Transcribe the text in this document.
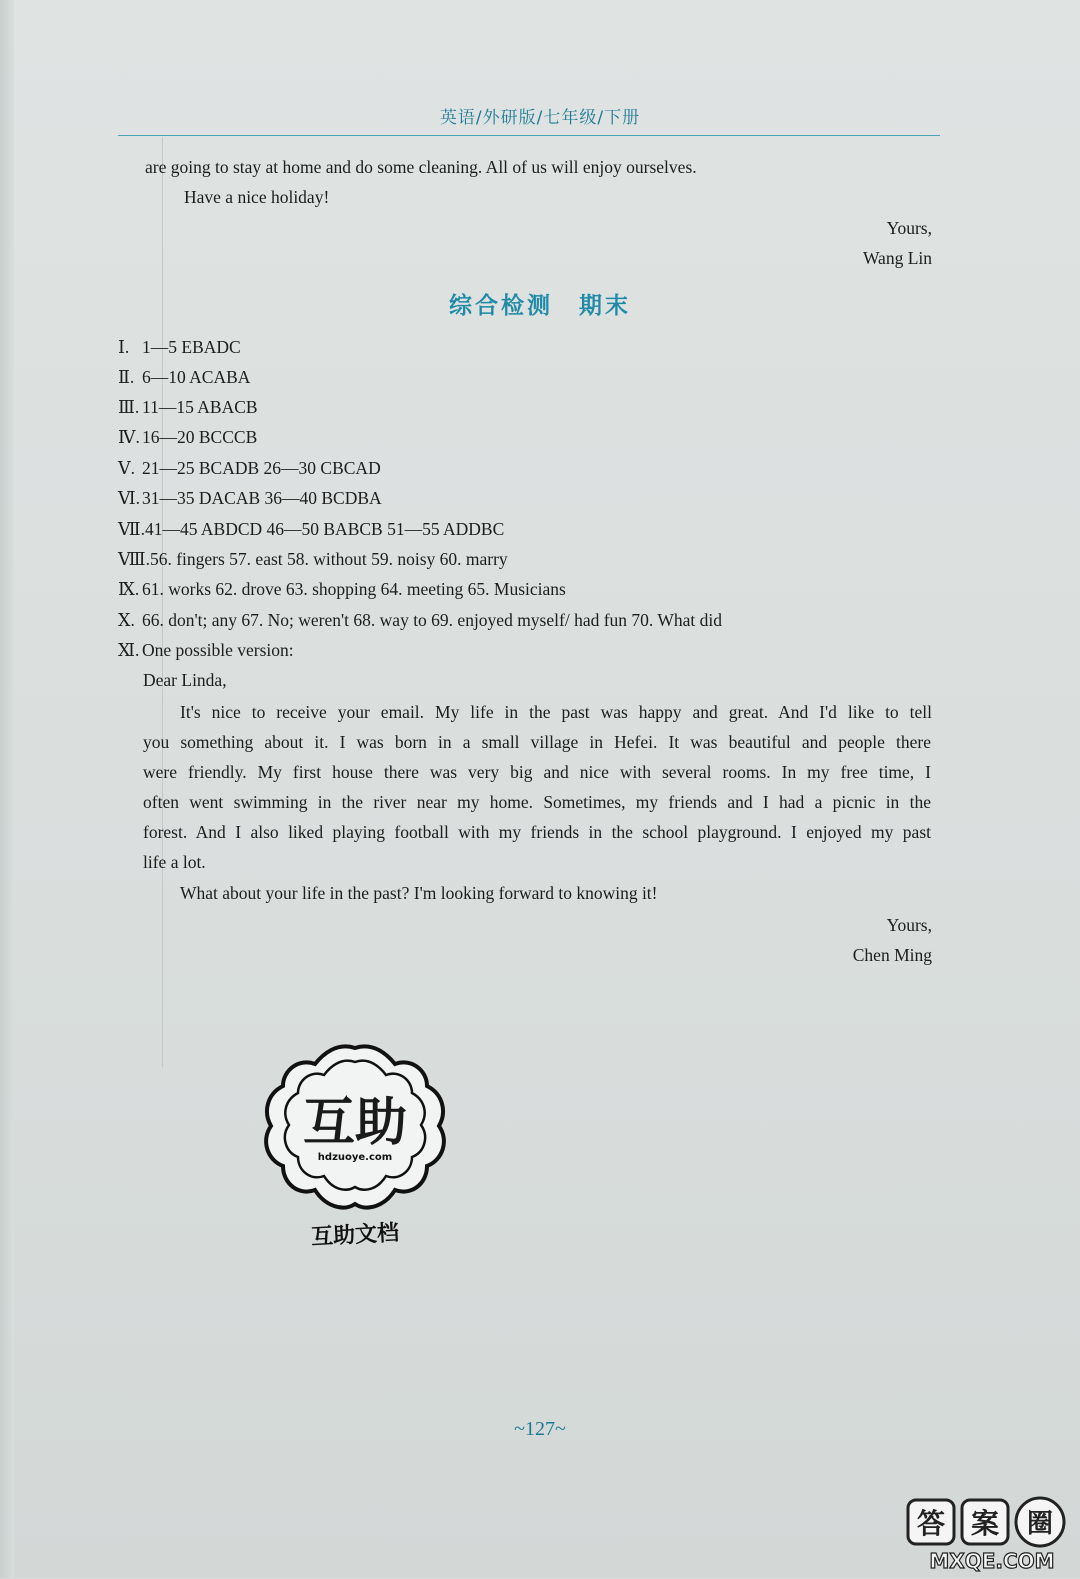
英语/外研版/七年级/下册
are going to stay at home and do some cleaning. All of us will enjoy ourselves.
Have a nice holiday!
Yours,
Wang Lin
综合检测　期末
Ⅰ. 1—5 EBADC
Ⅱ. 6—10 ACABA
Ⅲ. 11—15 ABACB
Ⅳ. 16—20 BCCCB
Ⅴ. 21—25 BCADB 26—30 CBCAD
Ⅵ. 31—35 DACAB 36—40 BCDBA
Ⅶ.41—45 ABDCD 46—50 BABCB 51—55 ADDBC
Ⅷ.56. fingers 57. east 58. without 59. noisy 60. marry
Ⅸ. 61. works 62. drove 63. shopping 64. meeting 65. Musicians
Ⅹ. 66. don't; any 67. No; weren't 68. way to 69. enjoyed myself/ had fun 70. What did
Ⅺ. One possible version:
Dear Linda,
It's nice to receive your email. My life in the past was happy and great. And I'd like to tell
you something about it. I was born in a small village in Hefei. It was beautiful and people there
were friendly. My first house there was very big and nice with several rooms. In my free time, I
often went swimming in the river near my home. Sometimes, my friends and I had a picnic in the
forest. And I also liked playing football with my friends in the school playground. I enjoyed my past
life a lot.
What about your life in the past? I'm looking forward to knowing it!
Yours,
Chen Ming
互助
hdzuoye.com
互助文档
~127~
答 案 圈
MXQE.COM
